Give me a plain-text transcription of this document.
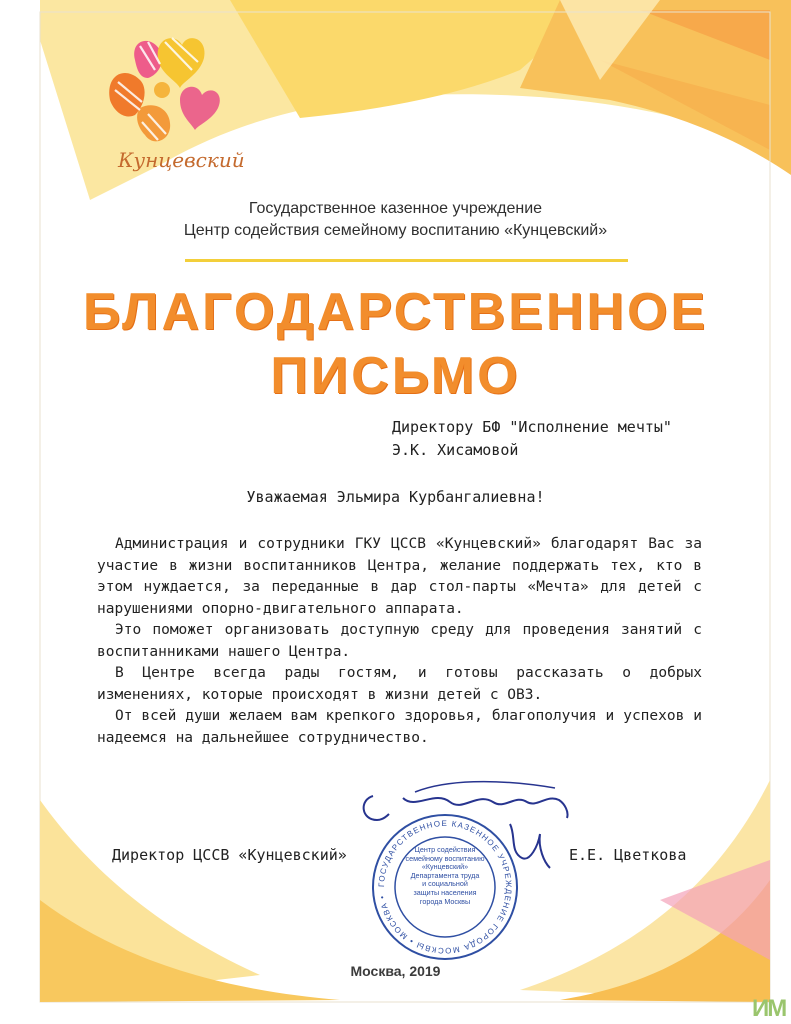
Кунцевский
Государственное казенное учреждение
Центр содействия семейному воспитанию «Кунцевский»
БЛАГОДАРСТВЕННОЕ
ПИСЬМО
Директору БФ "Исполнение мечты"
Э.К. Хисамовой
Уважаемая Эльмира Курбангалиевна!

Администрация и сотрудники ГКУ ЦССВ «Кунцевский» благодарят Вас за участие в жизни воспитанников Центра, желание поддержать тех, кто в этом нуждается, за переданные в дар стол-парты «Мечта» для детей с нарушениями опорно-двигательного аппарата.

Это поможет организовать доступную среду для проведения занятий с воспитанниками нашего Центра.

В Центре всегда рады гостям, и готовы рассказать о добрых изменениях, которые происходят в жизни детей с ОВЗ.

От всей души желаем вам крепкого здоровья, благополучия и успехов и надеемся на дальнейшее сотрудничество.

ГОСУДАРСТВЕННОЕ КАЗЕННОЕ УЧРЕЖДЕНИЕ ГОРОДА МОСКВЫ • МОСКВА •
Центр содействия
семейному воспитанию
«Кунцевский»
Департамента труда
и социальной
защиты населения
города Москвы
Директор ЦССВ «Кунцевский»	Е.Е. Цветкова
Москва, 2019
ИМ
